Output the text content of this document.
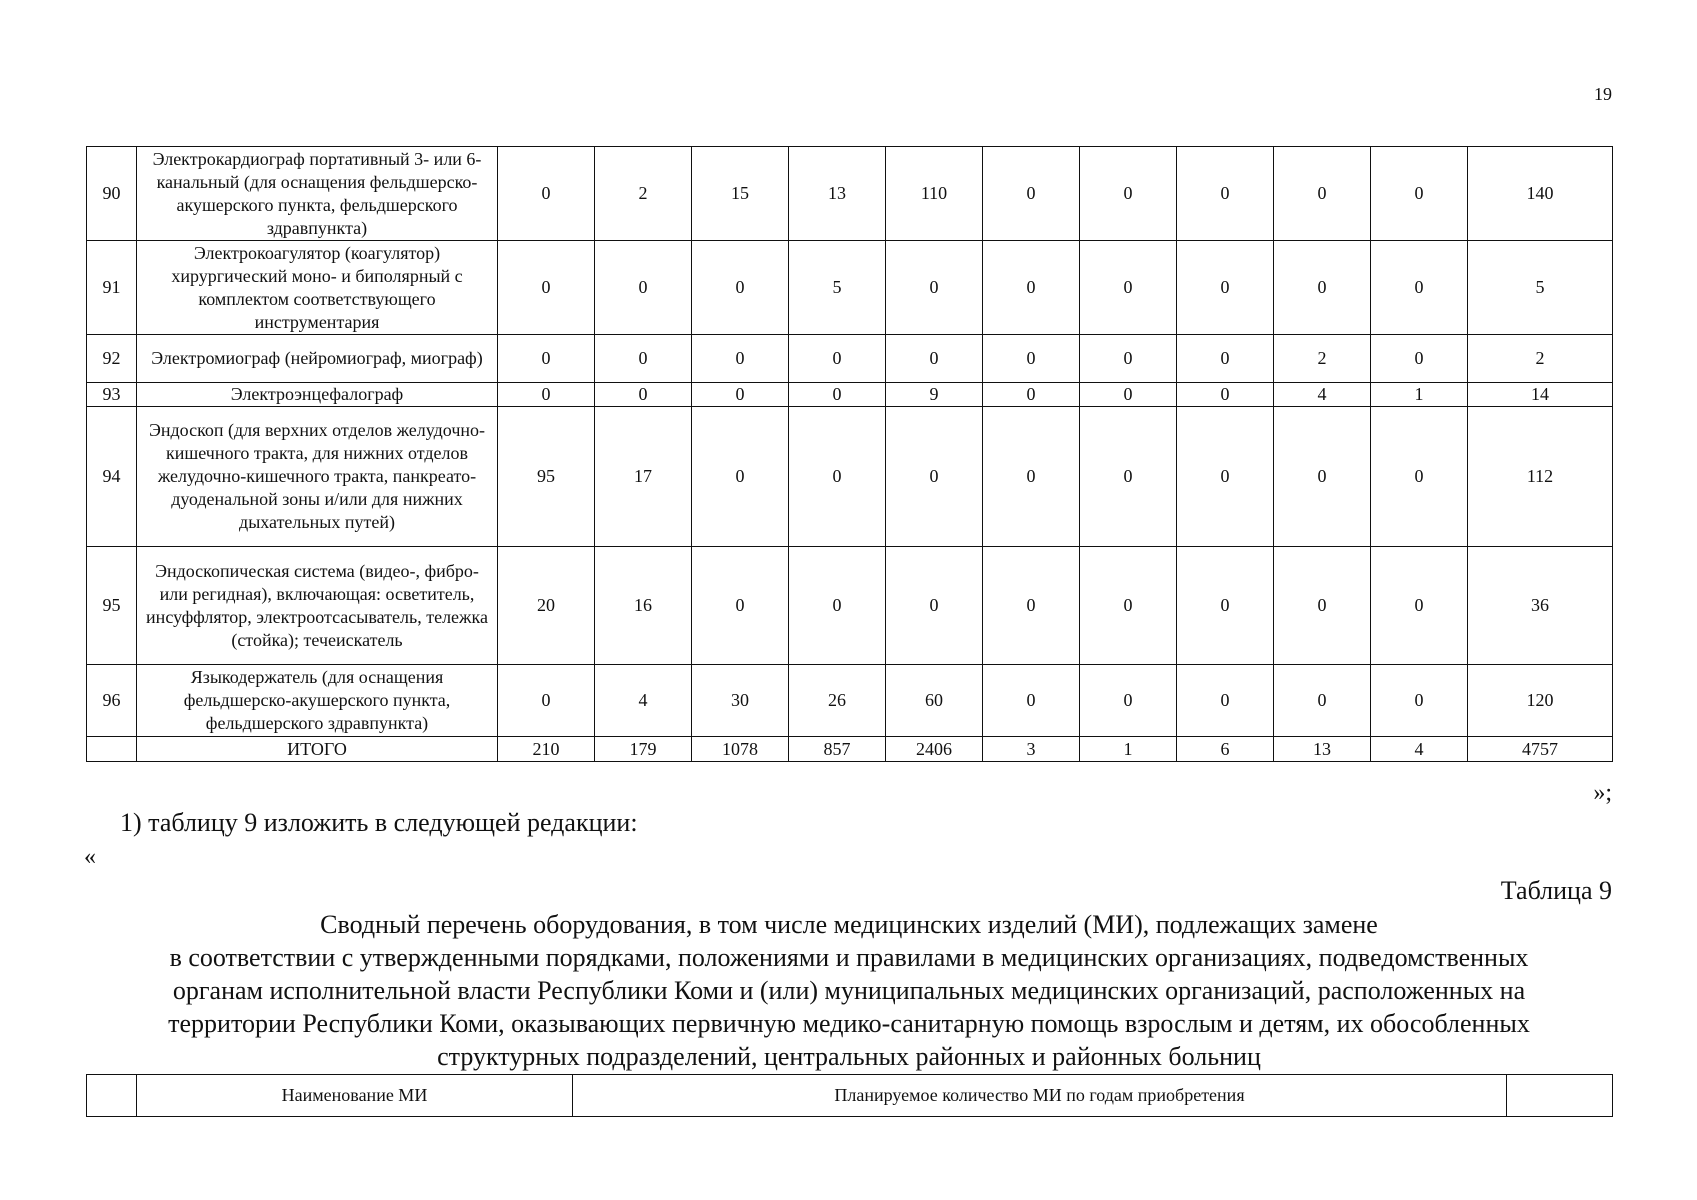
19
90	Электрокардиограф портативный 3- или 6- канальный (для оснащения фельдшерско-акушерского пункта, фельдшерского здравпункта)	0	2	15	13	110	0	0	0	0	0	140
91	Электрокоагулятор (коагулятор) хирургический моно- и биполярный с комплектом соответствующего инструментария	0	0	0	5	0	0	0	0	0	0	5
92	Электромиограф (нейромиограф, миограф)	0	0	0	0	0	0	0	0	2	0	2
93	Электроэнцефалограф	0	0	0	0	9	0	0	0	4	1	14
94	Эндоскоп (для верхних отделов желудочно-кишечного тракта, для нижних отделов желудочно-кишечного тракта, панкреато-дуоденальной зоны и/или для нижних дыхательных путей)	95	17	0	0	0	0	0	0	0	0	112
95	Эндоскопическая система (видео-, фибро- или регидная), включающая: осветитель, инсуффлятор, электроотсасыватель, тележка (стойка); течеискатель	20	16	0	0	0	0	0	0	0	0	36
96	Языкодержатель (для оснащения фельдшерско-акушерского пункта, фельдшерского здравпункта)	0	4	30	26	60	0	0	0	0	0	120
	ИТОГО	210	179	1078	857	2406	3	1	6	13	4	4757
»;
1) таблицу 9 изложить в следующей редакции:
«
Таблица 9
Сводный перечень оборудования, в том числе медицинских изделий (МИ), подлежащих замене
в соответствии с утвержденными порядками, положениями и правилами в медицинских организациях, подведомственных
органам исполнительной власти Республики Коми и (или) муниципальных медицинских организаций, расположенных на
территории Республики Коми, оказывающих первичную медико-санитарную помощь взрослым и детям, их обособленных
структурных подразделений, центральных районных и районных больниц
	Наименование МИ	Планируемое количество МИ по годам приобретения	
